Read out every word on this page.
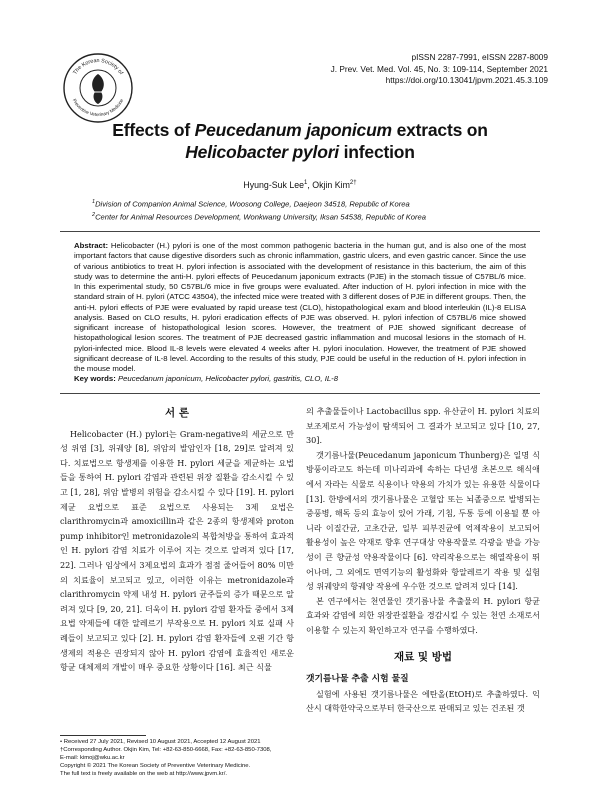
The Korean Society of
Preventive Veterinary Medicine
pISSN 2287-7991, eISSN 2287-8009
J. Prev. Vet. Med. Vol. 45, No. 3: 109-114, September 2021
https://doi.org/10.13041/jpvm.2021.45.3.109
Effects of Peucedanum japonicum extracts on
Helicobacter pylori infection
Hyung-Suk Lee$^1$, Okjin Kim$^{2\dagger}$
$^1$Division of Companion Animal Science, Woosong College, Daejeon 34518, Republic of Korea
$^2$Center for Animal Resources Development, Wonkwang University, Iksan 54538, Republic of Korea
Abstract: Helicobacter (H.) pylori is one of the most common pathogenic bacteria in the human gut, and is also one of the most important factors that cause digestive disorders such as chronic inflammation, gastric ulcers, and even gastric cancer. Since the use of various antibiotics to treat H. pylori infection is associated with the development of resistance in this bacterium, the aim of this study was to determine the anti-H. pylori effects of Peucedanum japonicum extracts (PJE) in the stomach tissue of C57BL/6 mice. In this experimental study, 50 C57BL/6 mice in five groups were evaluated. After induction of H. pylori infection in mice with the standard strain of H. pylori (ATCC 43504), the infected mice were treated with 3 different doses of PJE in different groups. Then, the anti-H. pylori effects of PJE were evaluated by rapid urease test (CLO), histopathological exam and blood interleukin (IL)-8 ELISA analysis. Based on CLO results, H. pylori eradication effects of PJE was observed. H. pylori infection of C57BL/6 mice showed significant increase of histopathological lesion scores. However, the treatment of PJE showed significant decrease of histopathological lesion scores. The treatment of PJE decreased gastric inflammation and mucosal lesions in the stomach of H. pylori-infected mice. Blood IL-8 levels were elevated 4 weeks after H. pylori inoculation. However, the treatment of PJE showed significant decrease of IL-8 level. According to the results of this study, PJE could be useful in the reduction of H. pylori infection in the mouse model.
Key words: Peucedanum japonicum, Helicobacter pylori, gastritis, CLO, IL-8
서 론

Helicobacter (H.) pylori는 Gram-negative의 세균으로 만성 위염 [3], 위궤양 [8], 위암의 발암인자 [18, 29]로 알려져 있다. 치료법으로 항생제를 이용한 H. pylori 세균을 제균하는 요법들을 통하여 H. pylori 감염과 관련된 위장 질환을 감소시킬 수 있고 [1, 28], 위암 발병의 위험을 감소시킬 수 있다 [19]. H. pylori 제균 요법으로 표준 요법으로 사용되는 3제 요법은 clarithromycin과 amoxicillin과 같은 2종의 항생제와 proton pump inhibitor인 metronidazole의 복합처방을 통하여 효과적인 H. pylori 감염 치료가 이루어 지는 것으로 알려져 있다 [17, 22]. 그러나 임상에서 3제요법의 효과가 점점 줄어들어 80% 미만의 치료율이 보고되고 있고, 이러한 이유는 metronidazole과 clarithromycin 약제 내성 H. pylori 균주들의 증가 때문으로 알려져 있다 [9, 20, 21]. 더욱이 H. pylori 감염 환자들 중에서 3제 요법 약제들에 대한 알레르기 부작용으로 H. pylori 치료 실패 사례들이 보고되고 있다 [2]. H. pylori 감염 환자들에 오랜 기간 항생제의 적용은 권장되지 않아 H. pylori 감염에 효율적인 새로운 항균 대체제의 개발이 매우 중요한 상황이다 [16]. 최근 식물

• Received 27 July 2021, Revised 10 August 2021, Accepted 12 August 2021
†Corresponding Author. Okjin Kim, Tel: +82-63-850-6668, Fax: +82-63-850-7308,
E-mail: kimoj@wku.ac.kr
Copyright © 2021 The Korean Society of Preventive Veterinary Medicine.
The full text is freely available on the web at http://www.jpvm.kr/.

의 추출물들이나 Lactobacillus spp. 유산균이 H. pylori 치료의 보조제로서 가능성이 탐색되어 그 결과가 보고되고 있다 [10, 27, 30].

갯기름나물(Peucedanum japonicum Thunberg)은 일명 식방풍이라고도 하는데 미나리과에 속하는 다년생 초본으로 해식애에서 자라는 식물로 식용이나 약용의 가치가 있는 유용한 식물이다[13]. 한방에서의 갯기름나물은 고혈압 또는 뇌졸중으로 발병되는 중풍병, 해독 등의 효능이 있어 가래, 기침, 두통 등에 이용될 뿐 아니라 이질간균, 고초간균, 일부 피부진균에 억제작용이 보고되어 활용성이 높은 약재로 향후 연구대상 약용작물로 각광을 받을 가능성이 큰 향균성 약용작물이다 [6]. 약리작용으로는 해열작용이 뛰어나며, 그 외에도 면역기능의 활성화와 항알레르기 작용 및 실험성 위궤양의 항궤양 작용에 우수한 것으로 알려져 있다 [14].

본 연구에서는 천연물인 갯기름나물 추출물의 H. pylori 항균 효과와 감염에 의한 위장관질환을 경감시킬 수 있는 천연 소재로서 이용할 수 있는지 확인하고자 연구를 수행하였다.

재료 및 방법
갯기름나물 추출 시험 물질

실험에 사용된 갯기름나물은 에탄올(EtOH)로 추출하였다. 익산시 대학한약국으로부터 한국산으로 판매되고 있는 건조된 갯
